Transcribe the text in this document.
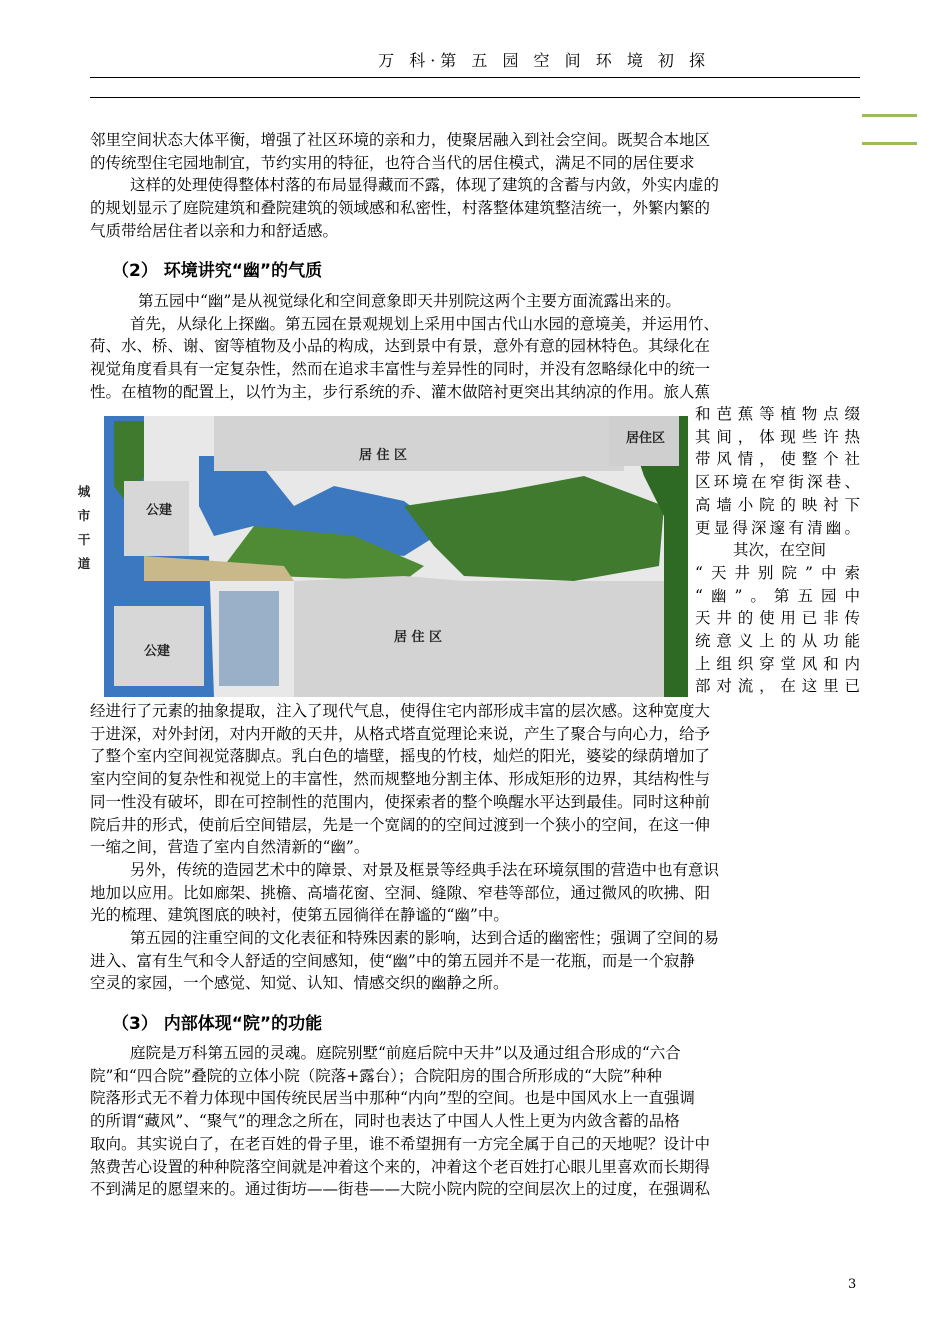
万 科·第 五 园 空 间 环 境 初 探

邻里空间状态大体平衡，增强了社区环境的亲和力，使聚居融入到社会空间。既契合本地区

的传统型住宅园地制宜，节约实用的特征，也符合当代的居住模式，满足不同的居住要求

这样的处理使得整体村落的布局显得藏而不露，体现了建筑的含蓄与内敛，外实内虚的

的规划显示了庭院建筑和叠院建筑的领域感和私密性，村落整体建筑整洁统一，外繁内繁的

气质带给居住者以亲和力和舒适感。

（2） 环境讲究“幽”的气质

第五园中“幽”是从视觉绿化和空间意象即天井别院这两个主要方面流露出来的。

首先，从绿化上探幽。第五园在景观规划上采用中国古代山水园的意境美，并运用竹、

荷、水、桥、谢、窗等植物及小品的构成，达到景中有景，意外有意的园林特色。其绿化在

视觉角度看具有一定复杂性，然而在追求丰富性与差异性的同时，并没有忽略绿化中的统一

性。在植物的配置上，以竹为主，步行系统的乔、灌木做陪衬更突出其纳凉的作用。旅人蕉

城
市
干
道
居 住 区
居住区
公建
公建
居 住 区

和芭蕉等植物点缀

其间，体现些许热

带风情，使整个社

区环境在窄街深巷、

高墙小院的映衬下

更显得深邃有清幽。

其次，在空间

“天井别院”中索

“幽”。第五园中

天井的使用已非传

统意义上的从功能

上组织穿堂风和内

部对流，在这里已

经进行了元素的抽象提取，注入了现代气息，使得住宅内部形成丰富的层次感。这种宽度大

于进深，对外封闭，对内开敞的天井，从格式塔直觉理论来说，产生了聚合与向心力，给予

了整个室内空间视觉落脚点。乳白色的墙壁，摇曳的竹枝，灿烂的阳光，婆娑的绿荫增加了

室内空间的复杂性和视觉上的丰富性，然而规整地分割主体、形成矩形的边界，其结构性与

同一性没有破坏，即在可控制性的范围内，使探索者的整个唤醒水平达到最佳。同时这种前

院后井的形式，使前后空间错层，先是一个宽阔的的空间过渡到一个狭小的空间，在这一伸

一缩之间，营造了室内自然清新的“幽”。

另外，传统的造园艺术中的障景、对景及框景等经典手法在环境氛围的营造中也有意识

地加以应用。比如廊架、挑檐、高墙花窗、空洞、缝隙、窄巷等部位，通过微风的吹拂、阳

光的梳理、建筑图底的映衬，使第五园徜徉在静谧的“幽”中。

第五园的注重空间的文化表征和特殊因素的影响，达到合适的幽密性；强调了空间的易

进入、富有生气和令人舒适的空间感知，使“幽”中的第五园并不是一花瓶，而是一个寂静

空灵的家园，一个感觉、知觉、认知、情感交织的幽静之所。

（3） 内部体现“院”的功能

庭院是万科第五园的灵魂。庭院别墅“前庭后院中天井”以及通过组合形成的“六合

院”和“四合院”叠院的立体小院（院落+露台）；合院阳房的围合所形成的“大院”种种

院落形式无不着力体现中国传统民居当中那种“内向”型的空间。也是中国风水上一直强调

的所谓“藏风”、“聚气”的理念之所在，同时也表达了中国人人性上更为内敛含蓄的品格

取向。其实说白了，在老百姓的骨子里，谁不希望拥有一方完全属于自己的天地呢？设计中

煞费苦心设置的种种院落空间就是冲着这个来的，冲着这个老百姓打心眼儿里喜欢而长期得

不到满足的愿望来的。通过街坊——街巷——大院小院内院的空间层次上的过度，在强调私

3
